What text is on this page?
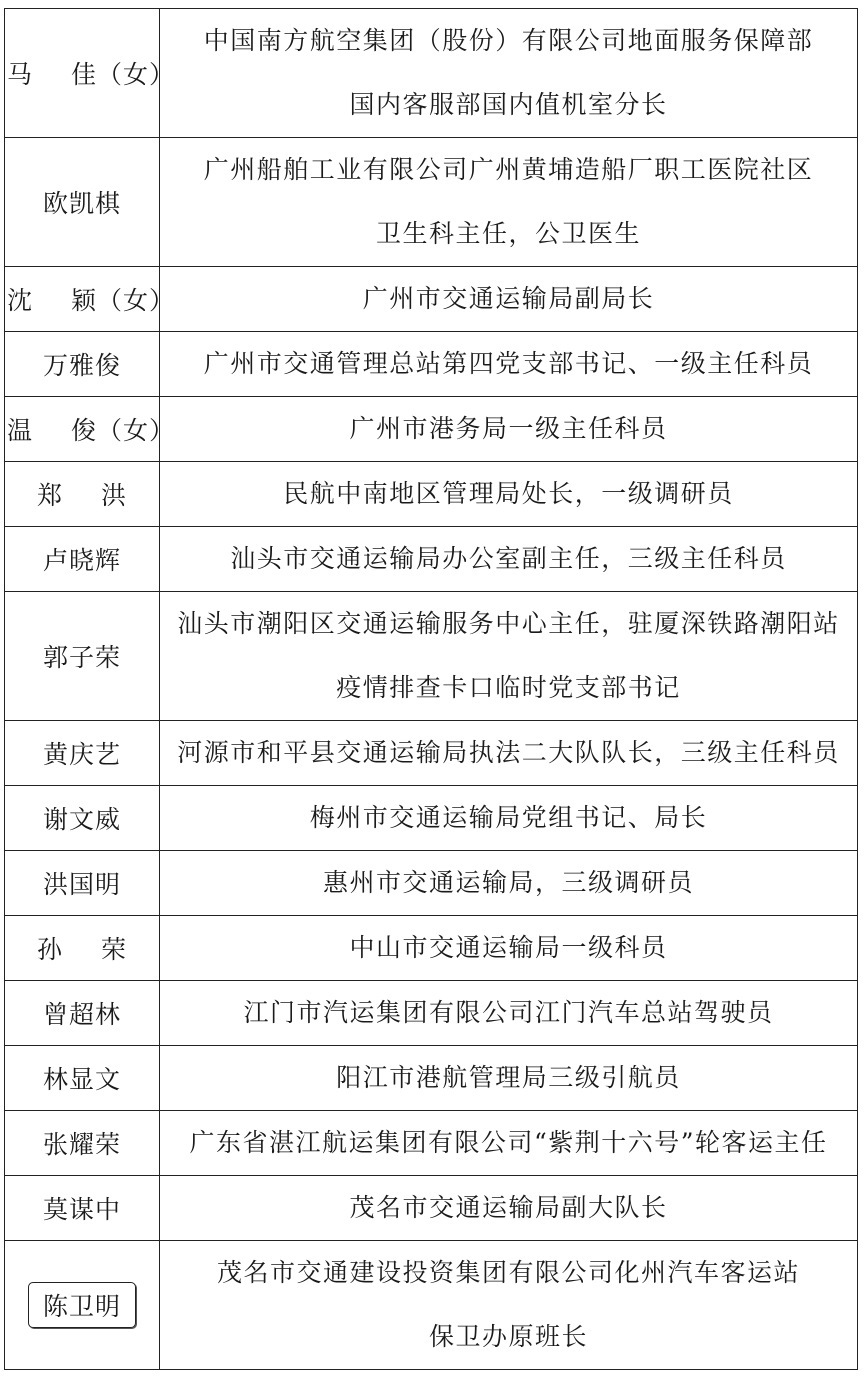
马 佳（女）	中国南方航空集团（股份）有限公司地面服务保障部
国内客服部国内值机室分长

欧凯棋	广州船舶工业有限公司广州黄埔造船厂职工医院社区
卫生科主任，公卫医生

沈 颖（女）	广州市交通运输局副局长
万雅俊	广州市交通管理总站第四党支部书记、一级主任科员
温 俊（女）	广州市港务局一级主任科员
郑 洪	民航中南地区管理局处长，一级调研员
卢晓辉	汕头市交通运输局办公室副主任，三级主任科员
郭子荣	汕头市潮阳区交通运输服务中心主任，驻厦深铁路潮阳站
疫情排查卡口临时党支部书记

黄庆艺	河源市和平县交通运输局执法二大队队长，三级主任科员
谢文威	梅州市交通运输局党组书记、局长
洪国明	惠州市交通运输局，三级调研员
孙 荣	中山市交通运输局一级科员
曾超林	江门市汽运集团有限公司江门汽车总站驾驶员
林显文	阳江市港航管理局三级引航员
张耀荣	广东省湛江航运集团有限公司“紫荆十六号”轮客运主任
莫谋中	茂名市交通运输局副大队长
陈卫明	茂名市交通建设投资集团有限公司化州汽车客运站
保卫办原班长
